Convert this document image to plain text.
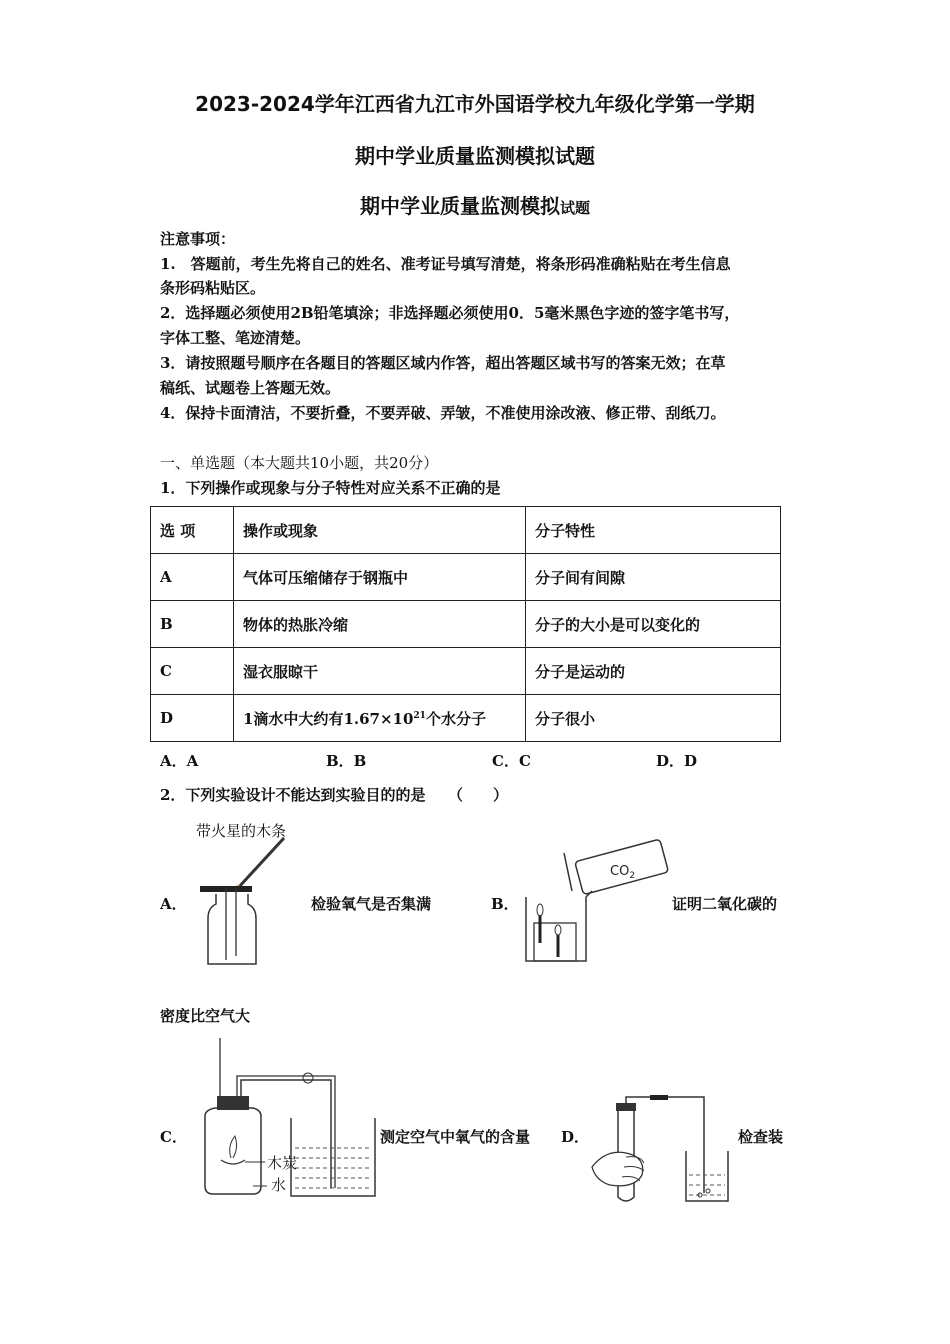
2023-2024学年江西省九江市外国语学校九年级化学第一学期
期中学业质量监测模拟试题
期中学业质量监测模拟试题
注意事项：
1.　答题前，考生先将自己的姓名、准考证号填写清楚，将条形码准确粘贴在考生信息
条形码粘贴区。
2．选择题必须使用2B铅笔填涂；非选择题必须使用0．5毫米黑色字迹的签字笔书写，
字体工整、笔迹清楚。
3．请按照题号顺序在各题目的答题区域内作答，超出答题区域书写的答案无效；在草
稿纸、试题卷上答题无效。
4．保持卡面清洁，不要折叠，不要弄破、弄皱，不准使用涂改液、修正带、刮纸刀。
一、单选题（本大题共10小题，共20分）
1．下列操作或现象与分子特性对应关系不正确的是
选 项	操作或现象	分子特性
A	气体可压缩储存于钢瓶中	分子间有间隙
B	物体的热胀冷缩	分子的大小是可以变化的
C	湿衣服晾干	分子是运动的
D	1滴水中大约有$1.67\times 10^{21}$个水分子	分子很小
A．A	B．B	C．C	D．D
2．下列实验设计不能达到实验目的的是　　（　　）
A．
带火星的木条
检验氧气是否集满	B．
$CO_2$
证明二氧化碳的
密度比空气大
C．
木炭
水
测定空气中氧气的含量 D．	检查装
